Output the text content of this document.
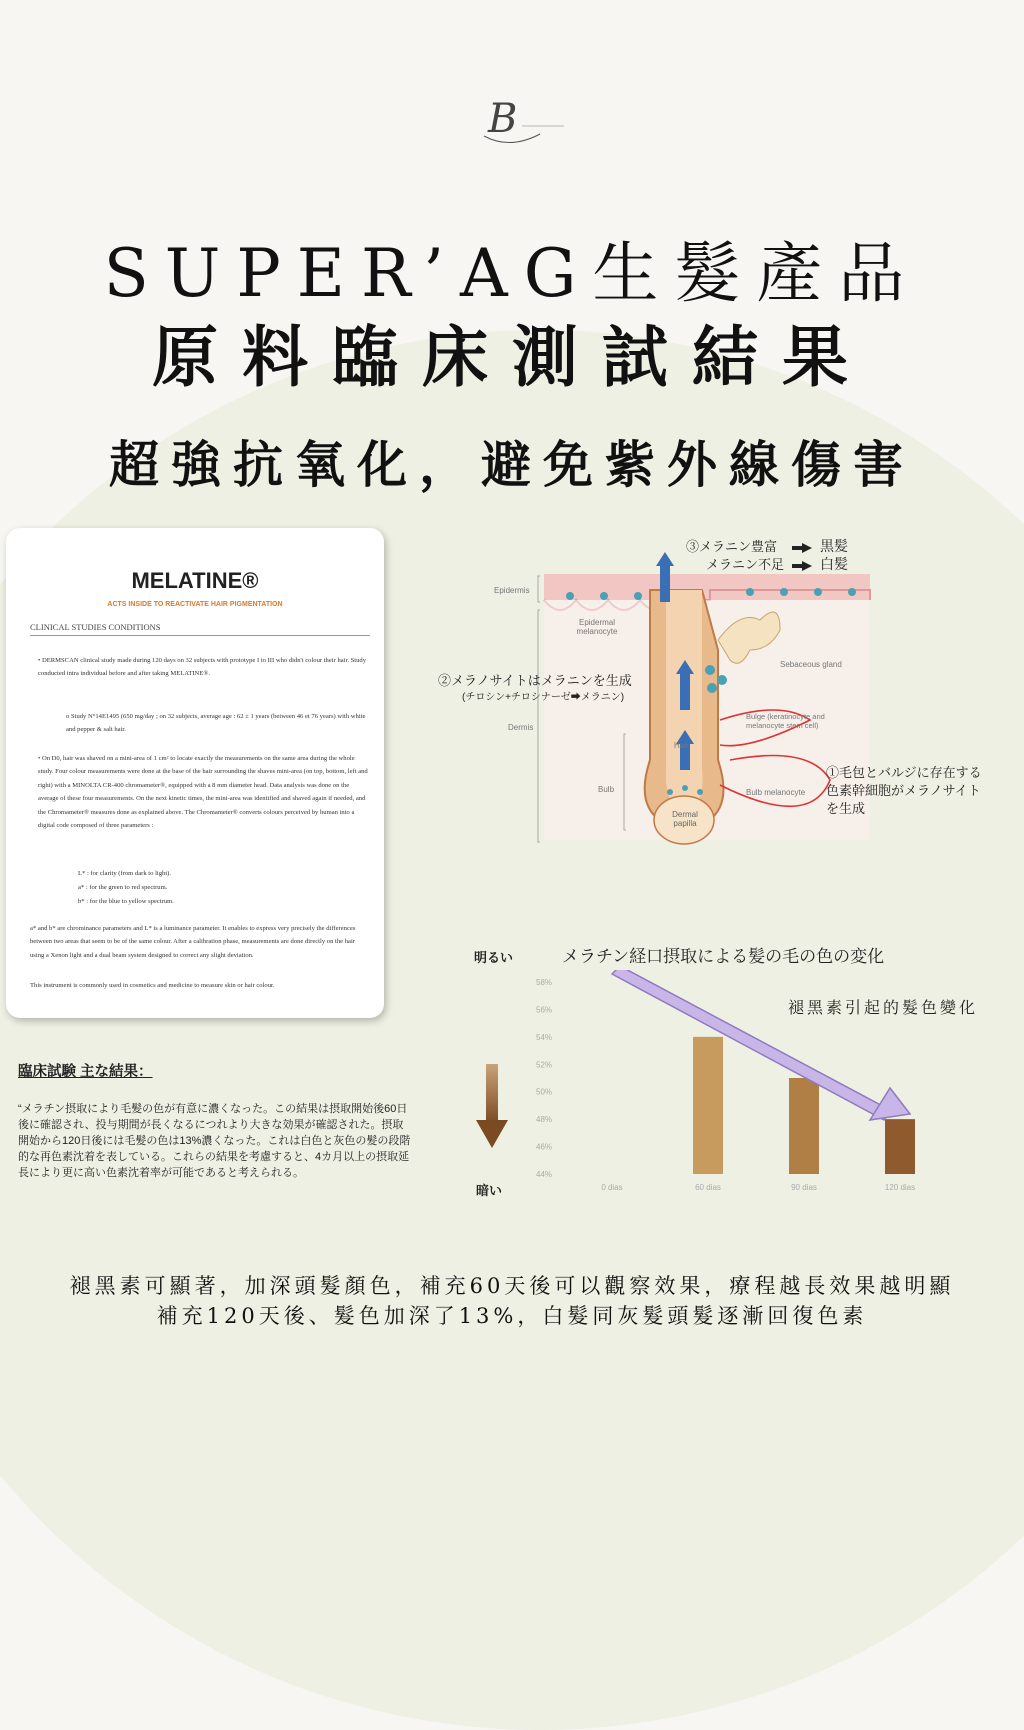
B
SUPER’AG生髮產品
原料臨床測試結果
超強抗氧化，避免紫外線傷害
MELATINE®
ACTS INSIDE TO REACTIVATE HAIR PIGMENTATION
CLINICAL STUDIES CONDITIONS
• DERMSCAN clinical study made during 120 days on 32 subjects with prototype I to III who didn't colour their hair. Study conducted intra individual before and after taking MELATINE®.
o Study N°14E1495 (650 mg/day ; on 32 subjects, average age : 62 ± 1 years (between 46 et 76 years) with white and pepper & salt hair.
• On D0, hair was shaved on a mini-area of 1 cm² to locate exactly the measurements on the same area during the whole study. Four colour measurements were done at the base of the hair surrounding the shaves mini-area (on top, bottom, left and right) with a MINOLTA CR-400 chromameter®, equipped with a 8 mm diameter head. Data analysis was done on the average of these four measurements. On the next kinetic times, the mini-area was identified and shaved again if needed, and the Chromameter® measures done as explained above. The Chromameter® converts colours perceived by human into a digital code composed of three parameters :
L* : for clarity (from dark to light).
a* : for the green to red spectrum.
b* : for the blue to yellow spectrum.
a* and b* are chrominance parameters and L* is a luminance parameter. It enables to express very precisely the differences between two areas that seem to be of the same colour. After a calibration phase, measurements are done directly on the hair using a Xenon light and a dual beam system designed to correct any slight deviation.
This instrument is commonly used in cosmetics and medicine to measure skin or hair colour.
臨床試験 主な結果：
“メラチン摂取により毛髪の色が有意に濃くなった。この結果は摂取開始後60日後に確認され、投与期間が長くなるにつれより大きな効果が確認された。摂取開始から120日後には毛髪の色は13%濃くなった。これは白色と灰色の髪の段階的な再色素沈着を表している。これらの結果を考慮すると、4カ月以上の摂取延長により更に高い色素沈着率が可能であると考えられる。
③メラニン豊富	黒髪
メラニン不足	白髪
②メラノサイトはメラニンを生成
(チロシン+チロシナーゼ➡メラニン)
①毛包とバルジに存在する
色素幹細胞がメラノサイト
を生成
Epidermis
Dermis
Bulb
Epidermal melanocyte
Sebaceous gland
Bulge (keratinocyte and melanocyte stem cell)
Hair
Bulb melanocyte
Dermal papilla
明るい
暗い
メラチン経口摂取による髪の毛の色の変化
褪黑素引起的髮色變化
58%
56%
54%
52%
50%
48%
46%
44%
0 dias	60 dias	90 dias	120 dias
褪黑素可顯著，加深頭髮顏色，補充60天後可以觀察效果，療程越長效果越明顯
補充120天後、髮色加深了13%，白髮同灰髮頭髮逐漸回復色素
